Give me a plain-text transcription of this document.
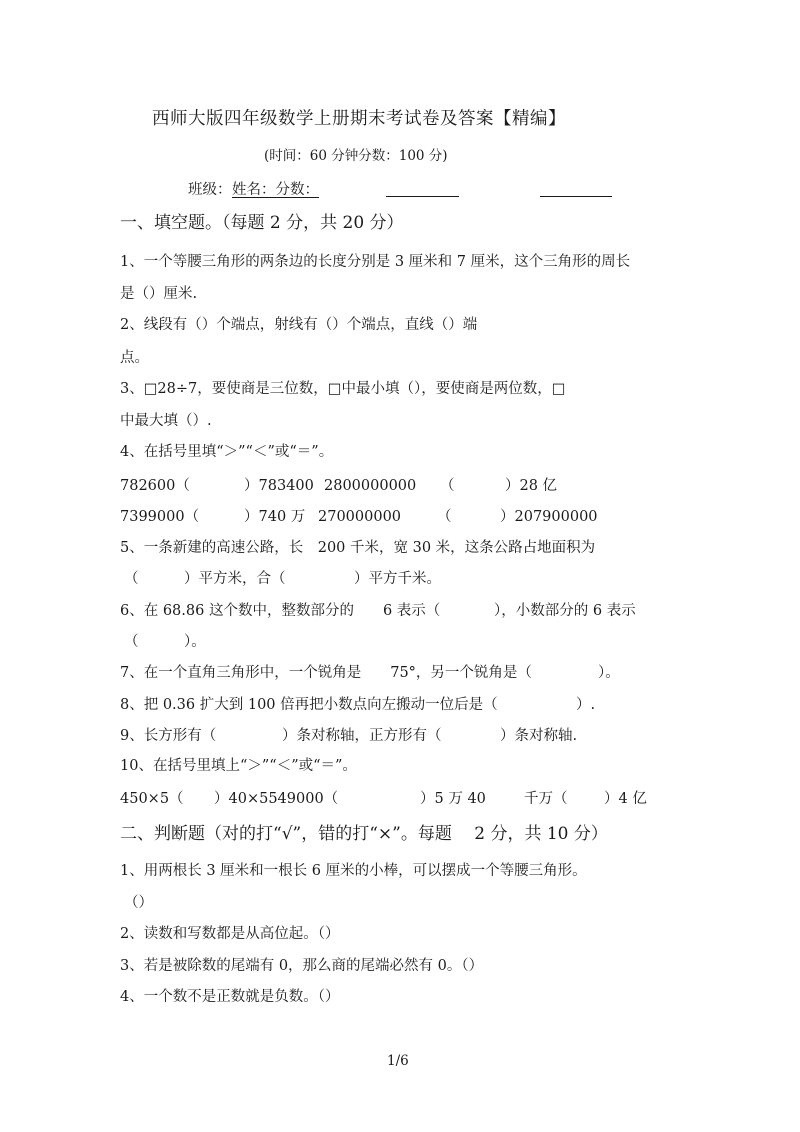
西师大版四年级数学上册期末考试卷及答案【精编】
(时间：60 分钟分数：100 分)
班级： 姓名：分数：
一、填空题。（每题 2 分，共 20 分）
1、一个等腰三角形的两条边的长度分别是 3 厘米和 7 厘米，这个三角形的周长
是（）厘米.
2、线段有（）个端点，射线有（）个端点，直线（）端
点。
3、□28÷7，要使商是三位数，□中最小填（），要使商是两位数，□
中最大填（）.
4、在括号里填“＞”“＜”或“＝”。
782600（	）783400 2800000000 （	）28 亿
7399000（	）740 万 270000000 （	）207900000
5、一条新建的高速公路，长　200 千米，宽 30 米，这条公路占地面积为
（	）平方米，合（	）平方千米。
6、在 68.86 这个数中，整数部分的　　6 表示（	），小数部分的 6 表示
（	）。
7、在一个直角三角形中，一个锐角是　　75°，另一个锐角是（	）。
8、把 0.36 扩大到 100 倍再把小数点向左搬动一位后是（	）.
9、长方形有（	）条对称轴，正方形有（	）条对称轴.
10、在括号里填上“＞”“＜”或“＝”。
450×5（ ）40×5549000（	）5 万 40	千万（	）4 亿
二、判断题（对的打“√”，错的打“×”。每题　 2 分，共 10 分）
1、用两根长 3 厘米和一根长 6 厘米的小棒，可以摆成一个等腰三角形。
（）
2、读数和写数都是从高位起。（）
3、若是被除数的尾端有 0，那么商的尾端必然有 0。（）
4、一个数不是正数就是负数。（）
1/6
